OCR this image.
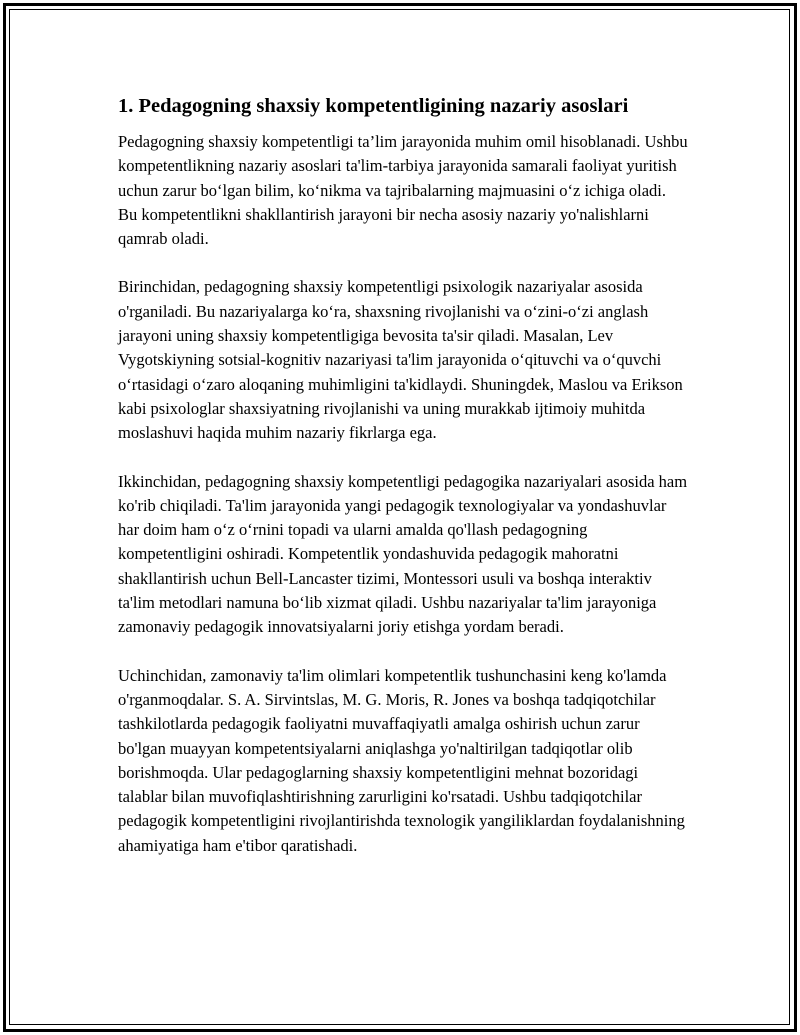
1. Pedagogning shaxsiy kompetentligining nazariy asoslari

Pedagogning shaxsiy kompetentligi ta’lim jarayonida muhim omil hisoblanadi. Ushbu kompetentlikning nazariy asoslari ta'lim-tarbiya jarayonida samarali faoliyat yuritish uchun zarur bo‘lgan bilim, ko‘nikma va tajribalarning majmuasini o‘z ichiga oladi. Bu kompetentlikni shakllantirish jarayoni bir necha asosiy nazariy yo'nalishlarni qamrab oladi.

Birinchidan, pedagogning shaxsiy kompetentligi psixologik nazariyalar asosida o'rganiladi. Bu nazariyalarga ko‘ra, shaxsning rivojlanishi va o‘zini-o‘zi anglash jarayoni uning shaxsiy kompetentligiga bevosita ta'sir qiladi. Masalan, Lev Vygotskiyning sotsial-kognitiv nazariyasi ta'lim jarayonida o‘qituvchi va o‘quvchi o‘rtasidagi o‘zaro aloqaning muhimligini ta'kidlaydi. Shuningdek, Maslou va Erikson kabi psixologlar shaxsiyatning rivojlanishi va uning murakkab ijtimoiy muhitda moslashuvi haqida muhim nazariy fikrlarga ega.

Ikkinchidan, pedagogning shaxsiy kompetentligi pedagogika nazariyalari asosida ham ko'rib chiqiladi. Ta'lim jarayonida yangi pedagogik texnologiyalar va yondashuvlar har doim ham o‘z o‘rnini topadi va ularni amalda qo'llash pedagogning kompetentligini oshiradi. Kompetentlik yondashuvida pedagogik mahoratni shakllantirish uchun Bell-Lancaster tizimi, Montessori usuli va boshqa interaktiv ta'lim metodlari namuna bo‘lib xizmat qiladi. Ushbu nazariyalar ta'lim jarayoniga zamonaviy pedagogik innovatsiyalarni joriy etishga yordam beradi.

Uchinchidan, zamonaviy ta'lim olimlari kompetentlik tushunchasini keng ko'lamda o'rganmoqdalar. S. A. Sirvintslas, M. G. Moris, R. Jones va boshqa tadqiqotchilar tashkilotlarda pedagogik faoliyatni muvaffaqiyatli amalga oshirish uchun zarur bo'lgan muayyan kompetentsiyalarni aniqlashga yo'naltirilgan tadqiqotlar olib borishmoqda. Ular pedagoglarning shaxsiy kompetentligini mehnat bozoridagi talablar bilan muvofiqlashtirishning zarurligini ko'rsatadi. Ushbu tadqiqotchilar pedagogik kompetentligini rivojlantirishda texnologik yangiliklardan foydalanishning ahamiyatiga ham e'tibor qaratishadi.
